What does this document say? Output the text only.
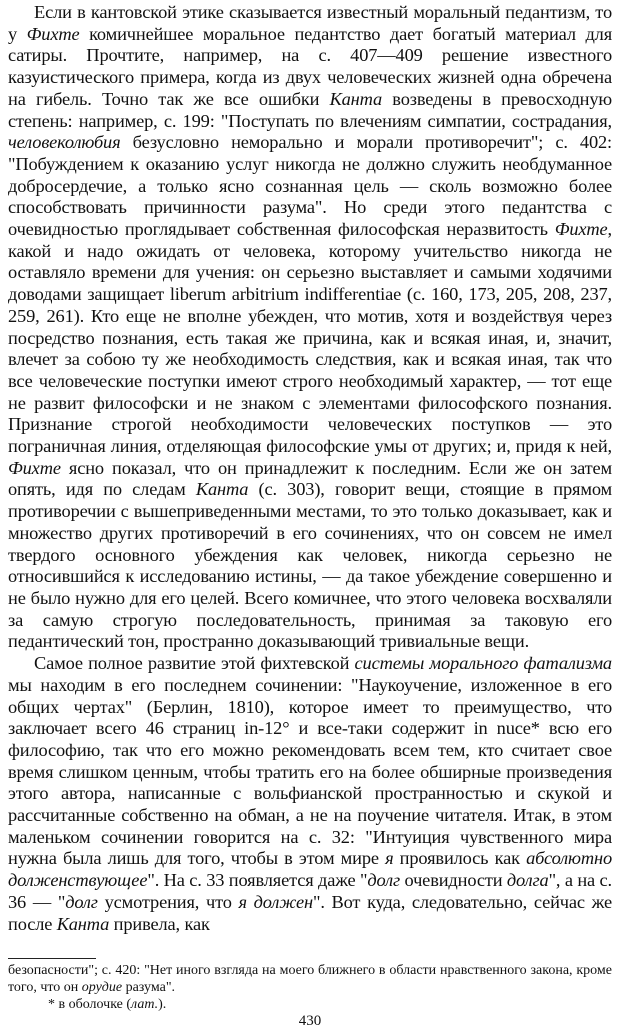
Если в кантовской этике сказывается известный моральный педантизм, то у Фихте комичнейшее моральное педантство дает богатый материал для сатиры. Прочтите, например, на с. 407—409 решение известного казуистического примера, когда из двух человеческих жизней одна обречена на гибель. Точно так же все ошибки Канта возведены в превосходную степень: например, с. 199: "Поступать по влечениям симпатии, сострадания, человеколюбия безусловно неморально и морали противоречит"; с. 402: "Побуждением к оказанию услуг никогда не должно служить необдуманное добросердечие, а только ясно сознанная цель — сколь возможно более способствовать причинности разума". Но среди этого педантства с очевидностью проглядывает собственная философская неразвитость Фихте, какой и надо ожидать от человека, которому учительство никогда не оставляло времени для учения: он серьезно выставляет и самыми ходячими доводами защищает liberum arbitrium indifferentiae (с. 160, 173, 205, 208, 237, 259, 261). Кто еще не вполне убежден, что мотив, хотя и воздействуя через посредство познания, есть такая же причина, как и всякая иная, и, значит, влечет за собою ту же необходимость следствия, как и всякая иная, так что все человеческие поступки имеют строго необходимый характер, — тот еще не развит философски и не знаком с элементами философского познания. Признание строгой необходимости человеческих поступков — это пограничная линия, отделяющая философские умы от других; и, придя к ней, Фихте ясно показал, что он принадлежит к последним. Если же он затем опять, идя по следам Канта (с. 303), говорит вещи, стоящие в прямом противоречии с вышеприведенными местами, то это только доказывает, как и множество других противоречий в его сочинениях, что он совсем не имел твердого основного убеждения как человек, никогда серьезно не относившийся к исследованию истины, — да такое убеждение совершенно и не было нужно для его целей. Всего комичнее, что этого человека восхваляли за самую строгую последовательность, принимая за таковую его педантический тон, пространно доказывающий тривиальные вещи.

Самое полное развитие этой фихтевской системы морального фатализма мы находим в его последнем сочинении: "Наукоучение, изложенное в его общих чертах" (Берлин, 1810), которое имеет то преимущество, что заключает всего 46 страниц in-12° и все-таки содержит in nuce* всю его философию, так что его можно рекомендовать всем тем, кто считает свое время слишком ценным, чтобы тратить его на более обширные произведения этого автора, написанные с вольфианской пространностью и скукой и рассчитанные собственно на обман, а не на поучение читателя. Итак, в этом маленьком сочинении говорится на с. 32: "Интуиция чувственного мира нужна была лишь для того, чтобы в этом мире я проявилось как абсолютно долженствующее". На с. 33 появляется даже "долг очевидности долга", а на с. 36 — "долг усмотрения, что я должен". Вот куда, следовательно, сейчас же после Канта привела, как

безопасности"; с. 420: "Нет иного взгляда на моего ближнего в области нравственного закона, кроме того, что он орудие разума".
* в оболочке (лат.).
430
